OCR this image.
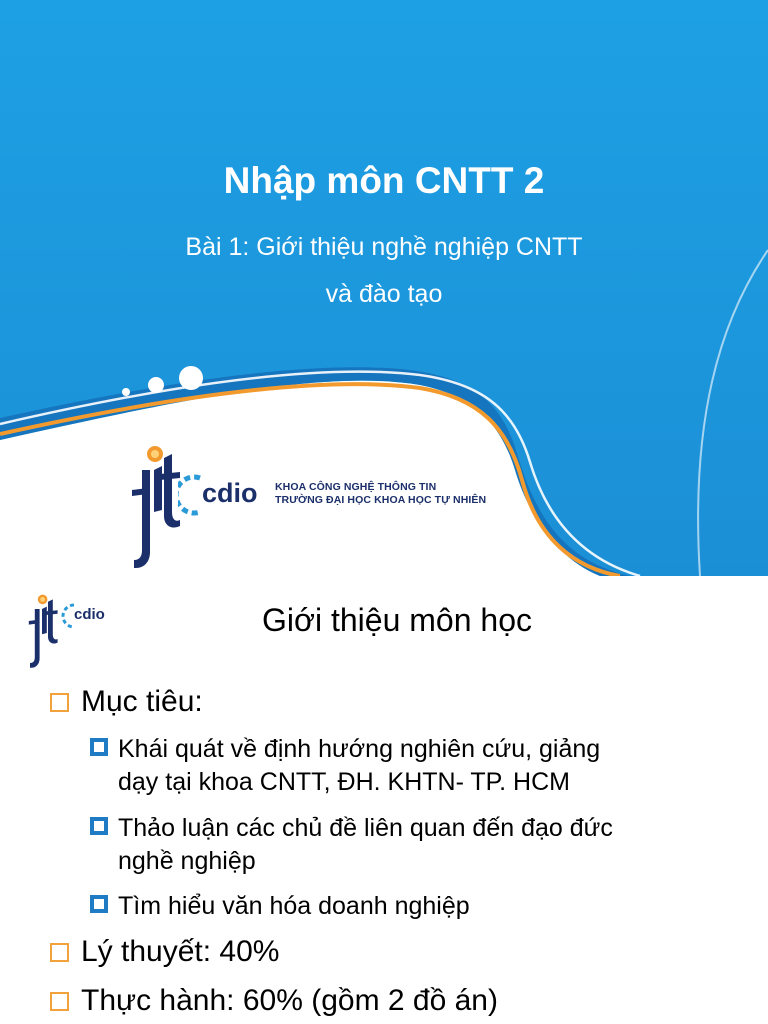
Nhập môn CNTT 2
Bài 1: Giới thiệu nghề nghiệp CNTT
và đào tạo
cdio KHOA CÔNG NGHỆ THÔNG TIN
TRƯỜNG ĐẠI HỌC KHOA HỌC TỰ NHIÊN
cdio	Giới thiệu môn học
Mục tiêu:
Khái quát về định hướng nghiên cứu, giảng
dạy tại khoa CNTT, ĐH. KHTN- TP. HCM
Thảo luận các chủ đề liên quan đến đạo đức
nghề nghiệp
Tìm hiểu văn hóa doanh nghiệp
Lý thuyết: 40%
Thực hành: 60% (gồm 2 đồ án)
